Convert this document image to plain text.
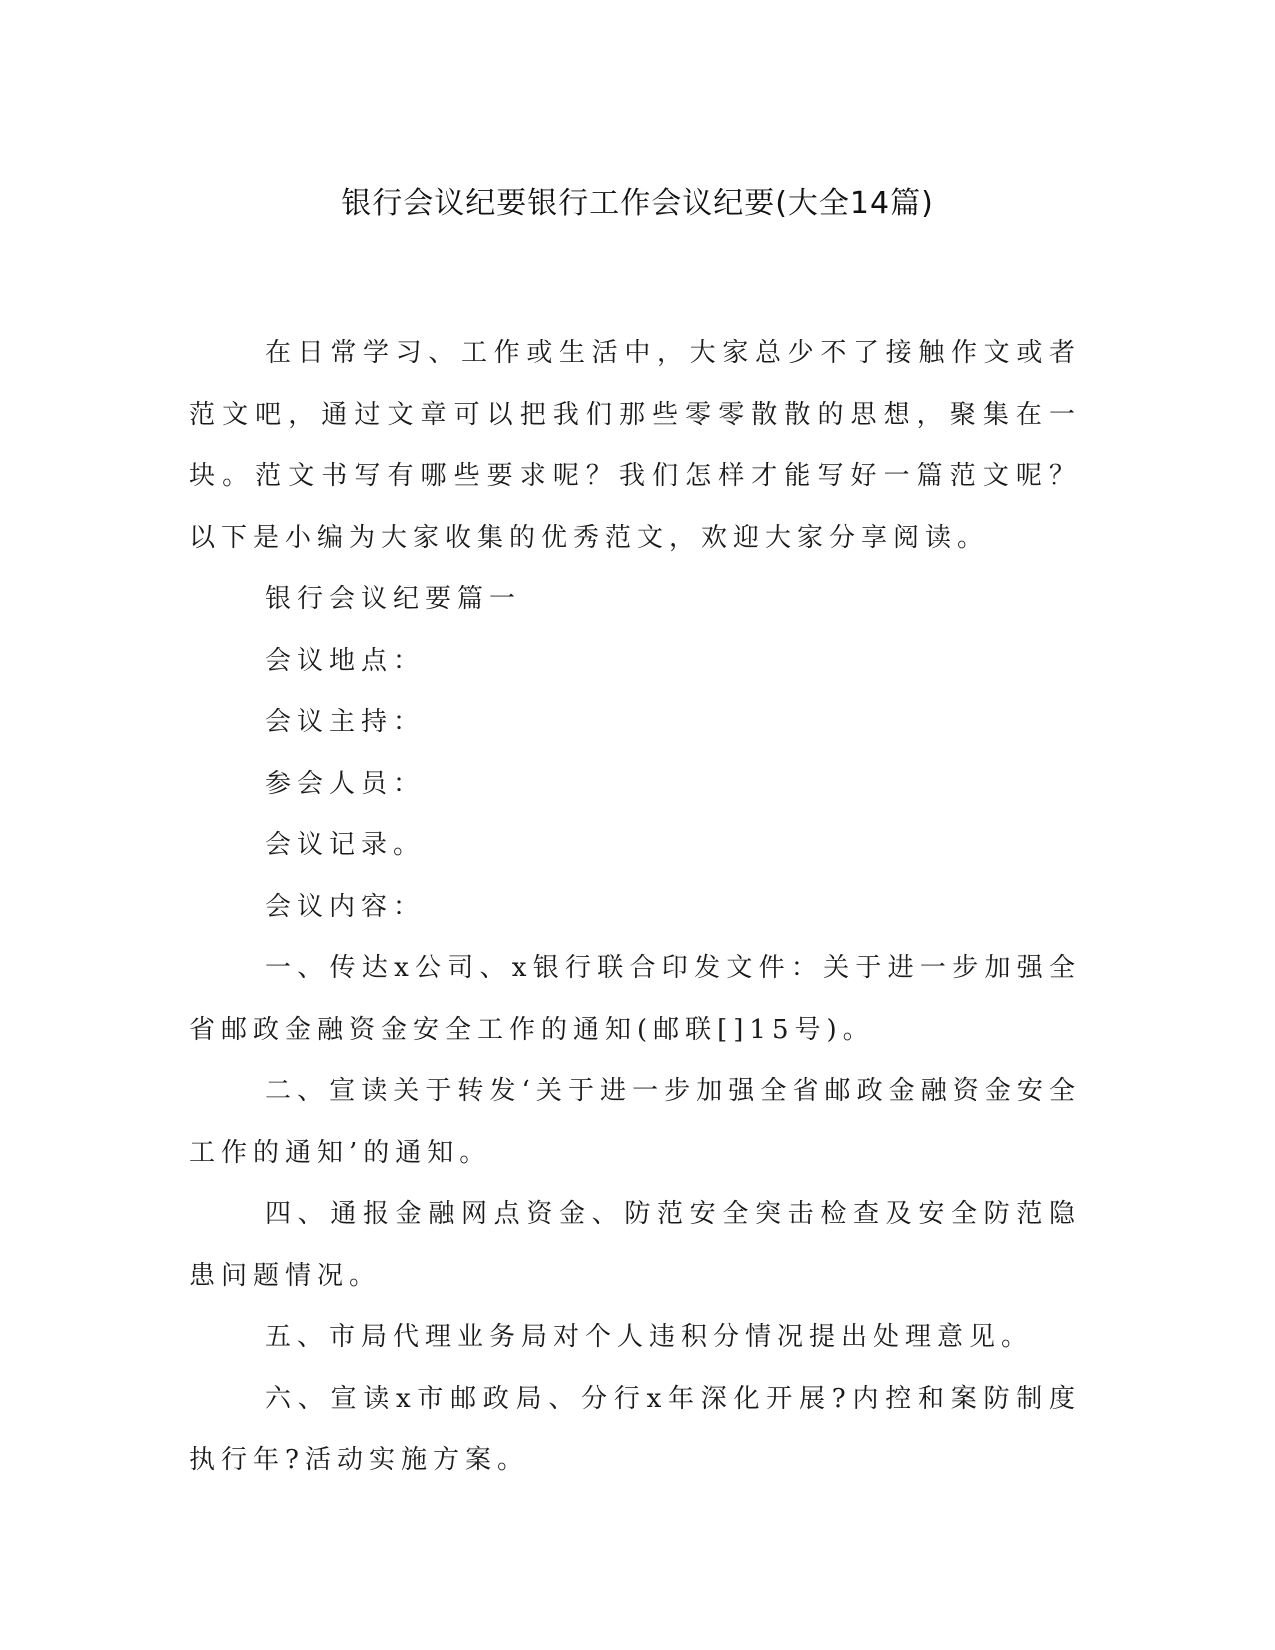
银行会议纪要银行工作会议纪要(大全14篇)

在日常学习、工作或生活中，大家总少不了接触作文或者范文吧，通过文章可以把我们那些零零散散的思想，聚集在一块。范文书写有哪些要求呢？我们怎样才能写好一篇范文呢？以下是小编为大家收集的优秀范文，欢迎大家分享阅读。

银行会议纪要篇一

会议地点：

会议主持：

参会人员：

会议记录。

会议内容：

一、传达x公司、x银行联合印发文件：关于进一步加强全省邮政金融资金安全工作的通知(邮联[]15号)。

二、宣读关于转发‘关于进一步加强全省邮政金融资金安全工作的通知’的通知。

四、通报金融网点资金、防范安全突击检查及安全防范隐患问题情况。

五、市局代理业务局对个人违积分情况提出处理意见。

六、宣读x市邮政局、分行x年深化开展?内控和案防制度执行年?活动实施方案。
